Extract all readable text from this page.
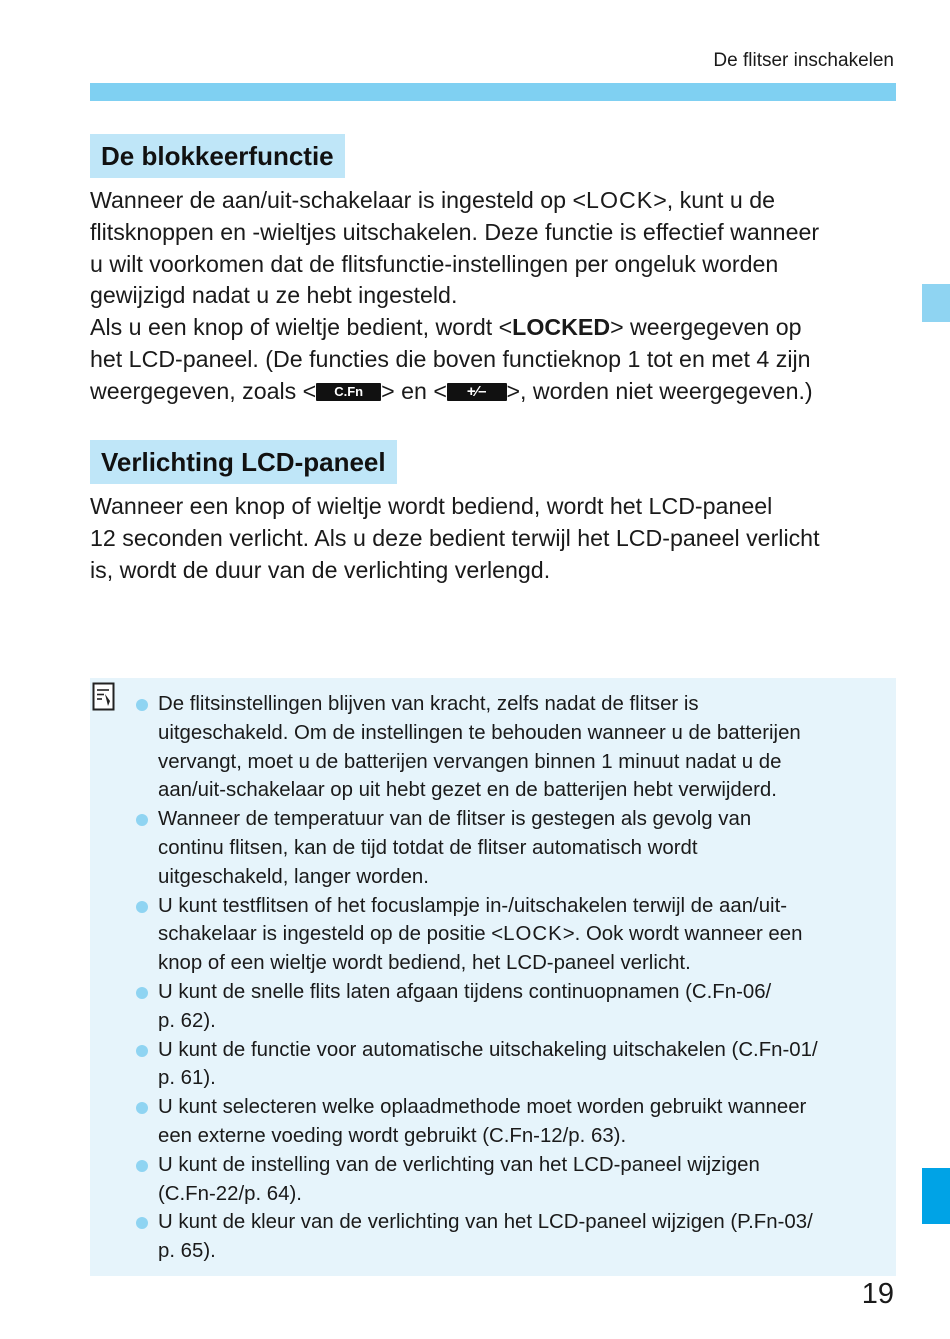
De flitser inschakelen
De blokkeerfunctie
Wanneer de aan/uit-schakelaar is ingesteld op <LOCK>, kunt u de
flitsknoppen en -wieltjes uitschakelen. Deze functie is effectief wanneer
u wilt voorkomen dat de flitsfunctie-instellingen per ongeluk worden
gewijzigd nadat u ze hebt ingesteld.
Als u een knop of wieltje bedient, wordt <LOCKED> weergegeven op
het LCD-paneel. (De functies die boven functieknop 1 tot en met 4 zijn
weergegeven, zoals < C.Fn > en < +⁄– >, worden niet weergegeven.)
Verlichting LCD-paneel
Wanneer een knop of wieltje wordt bediend, wordt het LCD-paneel
12 seconden verlicht. Als u deze bedient terwijl het LCD-paneel verlicht
is, wordt de duur van de verlichting verlengd.
De flitsinstellingen blijven van kracht, zelfs nadat de flitser is
uitgeschakeld. Om de instellingen te behouden wanneer u de batterijen
vervangt, moet u de batterijen vervangen binnen 1 minuut nadat u de
aan/uit-schakelaar op uit hebt gezet en de batterijen hebt verwijderd.
Wanneer de temperatuur van de flitser is gestegen als gevolg van
continu flitsen, kan de tijd totdat de flitser automatisch wordt
uitgeschakeld, langer worden.
U kunt testflitsen of het focuslampje in-/uitschakelen terwijl de aan/uit-
schakelaar is ingesteld op de positie <LOCK>. Ook wordt wanneer een
knop of een wieltje wordt bediend, het LCD-paneel verlicht.
U kunt de snelle flits laten afgaan tijdens continuopnamen (C.Fn-06/
p. 62).
U kunt de functie voor automatische uitschakeling uitschakelen (C.Fn-01/
p. 61).
U kunt selecteren welke oplaadmethode moet worden gebruikt wanneer
een externe voeding wordt gebruikt (C.Fn-12/p. 63).
U kunt de instelling van de verlichting van het LCD-paneel wijzigen
(C.Fn-22/p. 64).
U kunt de kleur van de verlichting van het LCD-paneel wijzigen (P.Fn-03/
p. 65).
19
